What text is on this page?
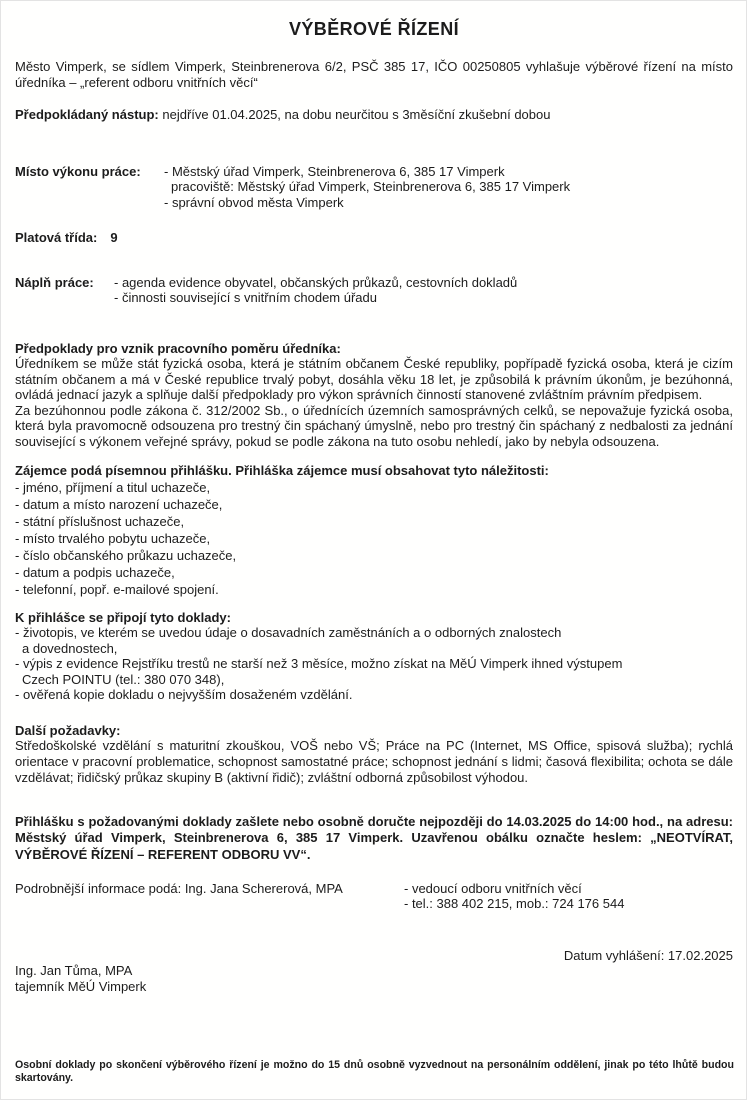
VÝBĚROVÉ ŘÍZENÍ
Město Vimperk, se sídlem Vimperk, Steinbrenerova 6/2, PSČ 385 17, IČO 00250805 vyhlašuje výběrové řízení na místo úředníka – „referent odboru vnitřních věcí“
Předpokládaný nástup: nejdříve 01.04.2025, na dobu neurčitou s 3měsíční zkušební dobou
Místo výkonu práce:	- Městský úřad Vimperk, Steinbrenerova 6, 385 17 Vimperk
pracoviště: Městský úřad Vimperk, Steinbrenerova 6, 385 17 Vimperk
- správní obvod města Vimperk
Platová třída: 9
Náplň práce:	- agenda evidence obyvatel, občanských průkazů, cestovních dokladů
- činnosti související s vnitřním chodem úřadu
Předpoklady pro vznik pracovního poměru úředníka:
Úředníkem se může stát fyzická osoba, která je státním občanem České republiky, popřípadě fyzická osoba, která je cizím státním občanem a má v České republice trvalý pobyt, dosáhla věku 18 let, je způsobilá k právním úkonům, je bezúhonná, ovládá jednací jazyk a splňuje další předpoklady pro výkon správních činností stanovené zvláštním právním předpisem.
Za bezúhonnou podle zákona č. 312/2002 Sb., o úřednících územních samosprávných celků, se nepovažuje fyzická osoba, která byla pravomocně odsouzena pro trestný čin spáchaný úmyslně, nebo pro trestný čin spáchaný z nedbalosti za jednání související s výkonem veřejné správy, pokud se podle zákona na tuto osobu nehledí, jako by nebyla odsouzena.
Zájemce podá písemnou přihlášku. Přihláška zájemce musí obsahovat tyto náležitosti:
- jméno, příjmení a titul uchazeče,
- datum a místo narození uchazeče,
- státní příslušnost uchazeče,
- místo trvalého pobytu uchazeče,
- číslo občanského průkazu uchazeče,
- datum a podpis uchazeče,
- telefonní, popř. e-mailové spojení.
K přihlášce se připojí tyto doklady:
- životopis, ve kterém se uvedou údaje o dosavadních zaměstnáních a o odborných znalostech
a dovednostech,
- výpis z evidence Rejstříku trestů ne starší než 3 měsíce, možno získat na MěÚ Vimperk ihned výstupem
Czech POINTU (tel.: 380 070 348),
- ověřená kopie dokladu o nejvyšším dosaženém vzdělání.
Další požadavky:
Středoškolské vzdělání s maturitní zkouškou, VOŠ nebo VŠ; Práce na PC (Internet, MS Office, spisová služba); rychlá orientace v pracovní problematice, schopnost samostatné práce; schopnost jednání s lidmi; časová flexibilita; ochota se dále vzdělávat; řidičský průkaz skupiny B (aktivní řidič); zvláštní odborná způsobilost výhodou.
Přihlášku s požadovanými doklady zašlete nebo osobně doručte nejpozději do 14.03.2025 do 14:00 hod., na adresu: Městský úřad Vimperk, Steinbrenerova 6, 385 17 Vimperk. Uzavřenou obálku označte heslem: „NEOTVÍRAT, VÝBĚROVÉ ŘÍZENÍ – REFERENT ODBORU VV“.
Podrobnější informace podá: Ing. Jana Schererová, MPA	- vedoucí odboru vnitřních věcí
- tel.: 388 402 215, mob.: 724 176 544
Datum vyhlášení: 17.02.2025
Ing. Jan Tůma, MPA
tajemník MěÚ Vimperk
Osobní doklady po skončení výběrového řízení je možno do 15 dnů osobně vyzvednout na personálním oddělení, jinak po této lhůtě budou skartovány.
